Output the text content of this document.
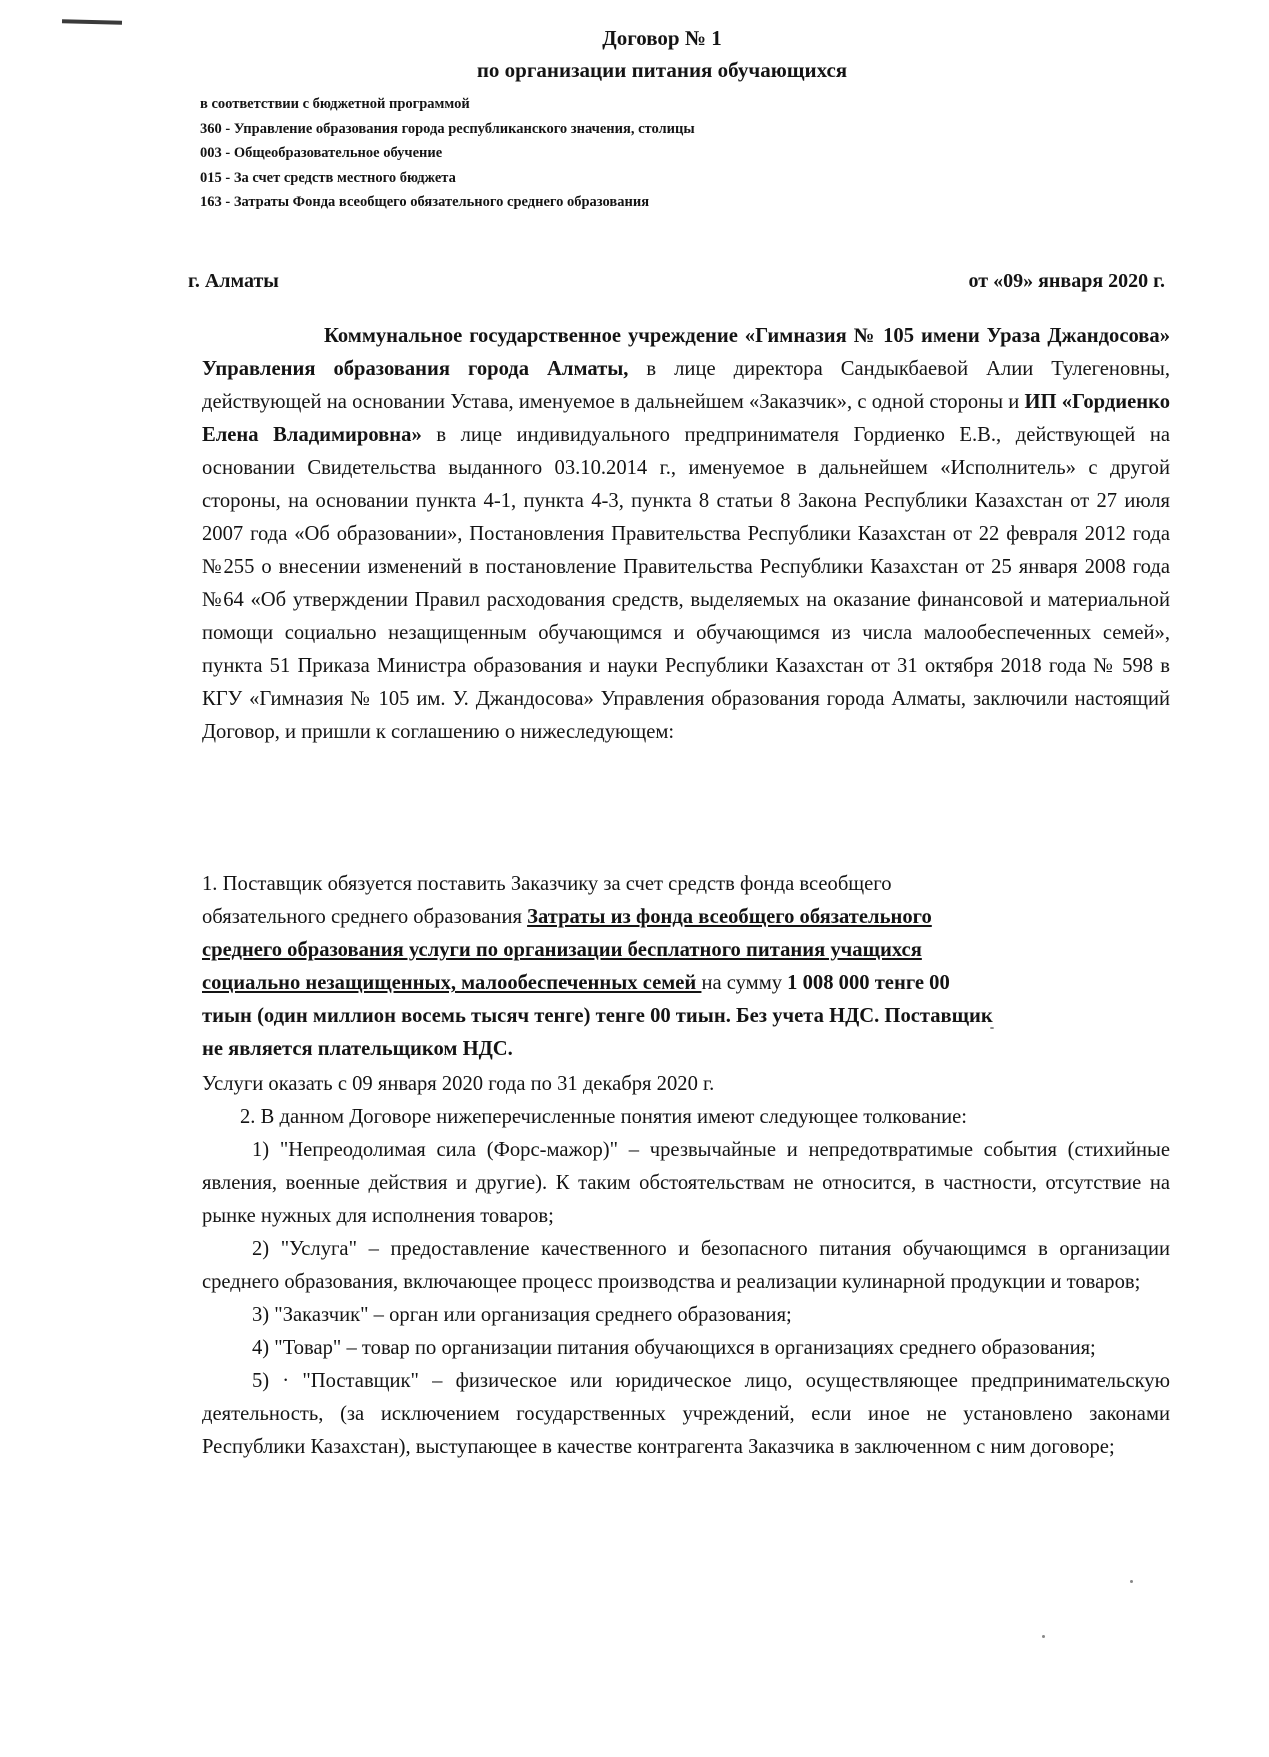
Договор № 1
по организации питания обучающихся
в соответствии с бюджетной программой
360 - Управление образования города республиканского значения, столицы
003 - Общеобразовательное обучение
015 - За счет средств местного бюджета
163 - Затраты Фонда всеобщего обязательного среднего образования
г. Алматы	от «09» января 2020 г.
Коммунальное государственное учреждение «Гимназия № 105 имени Ураза Джандосова» Управления образования города Алматы, в лице директора Сандыкбаевой Алии Тулегеновны, действующей на основании Устава, именуемое в дальнейшем «Заказчик», с одной стороны и ИП «Гордиенко Елена Владимировна» в лице индивидуального предпринимателя Гордиенко Е.В., действующей на основании Свидетельства выданного 03.10.2014 г., именуемое в дальнейшем «Исполнитель» с другой стороны, на основании пункта 4-1, пункта 4-3, пункта 8 статьи 8 Закона Республики Казахстан от 27 июля 2007 года «Об образовании», Постановления Правительства Республики Казахстан от 22 февраля 2012 года №255 о внесении изменений в постановление Правительства Республики Казахстан от 25 января 2008 года №64 «Об утверждении Правил расходования средств, выделяемых на оказание финансовой и материальной помощи социально незащищенным обучающимся и обучающимся из числа малообеспеченных семей», пункта 51 Приказа Министра образования и науки Республики Казахстан от 31 октября 2018 года № 598 в КГУ «Гимназия № 105 им. У. Джандосова» Управления образования города Алматы, заключили настоящий Договор, и пришли к соглашению о нижеследующем:
1. Поставщик обязуется поставить Заказчику за счет средств фонда всеобщего
обязательного среднего образования Затраты из фонда всеобщего обязательного
среднего образования услуги по организации бесплатного питания учащихся
социально незащищенных, малообеспеченных семей на сумму 1 008 000 тенге 00
тиын (один миллион восемь тысяч тенге) тенге 00 тиын. Без учета НДС. Поставщик
не является плательщиком НДС.
Услуги оказать с 09 января 2020 года по 31 декабря 2020 г.

2. В данном Договоре нижеперечисленные понятия имеют следующее толкование:

1) "Непреодолимая сила (Форс-мажор)" – чрезвычайные и непредотвратимые события (стихийные явления, военные действия и другие). К таким обстоятельствам не относится, в частности, отсутствие на рынке нужных для исполнения товаров;

2) "Услуга" – предоставление качественного и безопасного питания обучающимся в организации среднего образования, включающее процесс производства и реализации кулинарной продукции и товаров;

3) "Заказчик" – орган или организация среднего образования;

4) "Товар" – товар по организации питания обучающихся в организациях среднего образования;

5) · "Поставщик" – физическое или юридическое лицо, осуществляющее предпринимательскую деятельность, (за исключением государственных учреждений, если иное не установлено законами Республики Казахстан), выступающее в качестве контрагента Заказчика в заключенном с ним договоре;
